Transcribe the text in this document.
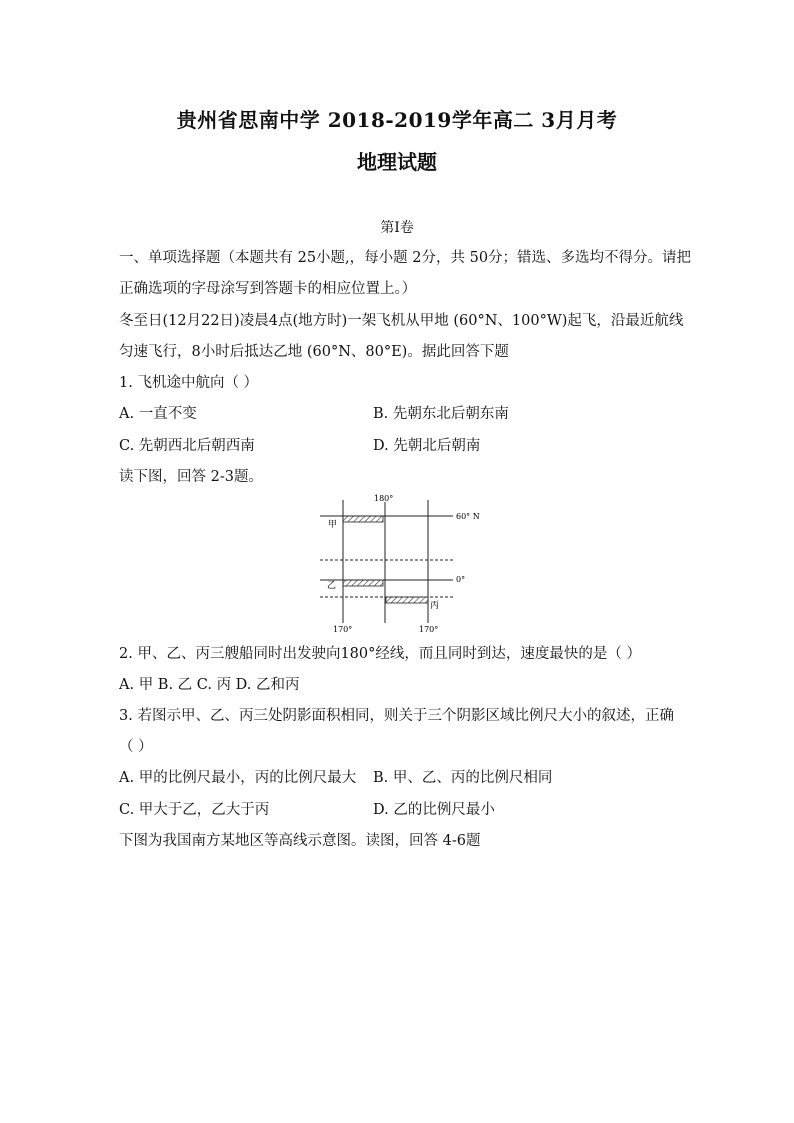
贵州省思南中学 2018-2019学年高二 3月月考
地理试题
第Ⅰ卷
一、单项选择题（本题共有 25小题,，每小题 2分，共 50分；错选、多选均不得分。请把
正确选项的字母涂写到答题卡的相应位置上。）
冬至日(12月22日)凌晨4点(地方时)一架飞机从甲地 (60°N、100°W)起飞，沿最近航线
匀速飞行，8小时后抵达乙地 (60°N、80°E)。据此回答下题
1. 飞机途中航向（ ）
A. 一直不变	B. 先朝东北后朝东南
C. 先朝西北后朝西南	D. 先朝北后朝南
读下图，回答 2-3题。
180°
60° N
0°
170°	170°
甲
乙
丙
2. 甲、乙、丙三艘船同时出发驶向180°经线，而且同时到达，速度最快的是（ ）
A. 甲 B. 乙 C. 丙 D. 乙和丙
3. 若图示甲、乙、丙三处阴影面积相同，则关于三个阴影区域比例尺大小的叙述，正确
（ ）
A. 甲的比例尺最小，丙的比例尺最大 B. 甲、乙、丙的比例尺相同
C. 甲大于乙，乙大于丙	D. 乙的比例尺最小
下图为我国南方某地区等高线示意图。读图，回答 4-6题
